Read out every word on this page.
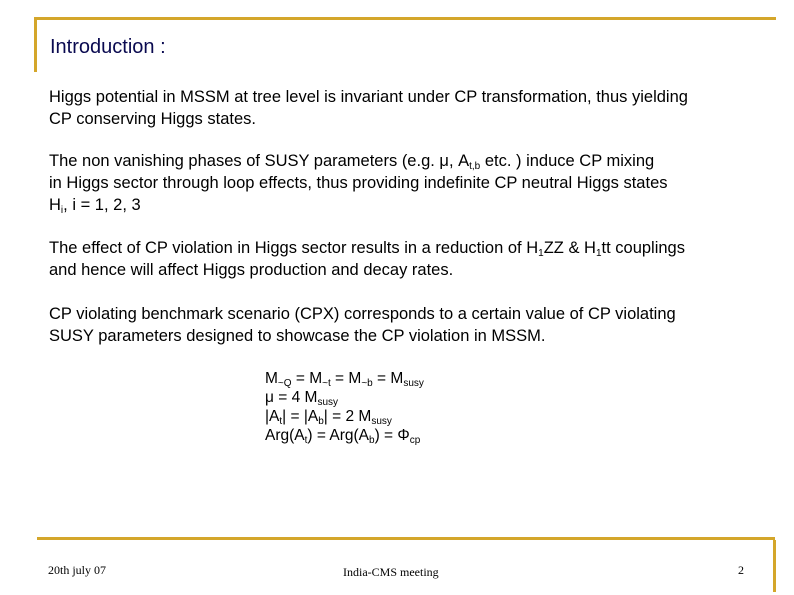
Introduction :
Higgs potential in MSSM at tree level is invariant under CP transformation, thus yielding
CP conserving Higgs states.
The non vanishing phases of SUSY parameters (e.g. μ, $A_{t,b}$ etc. ) induce CP mixing
in Higgs sector through loop effects, thus providing indefinite CP neutral Higgs states
$H_i$, i = 1, 2, 3
The effect of CP violation in Higgs sector results in a reduction of $H_1ZZ$ & $H_1tt$ couplings
and hence will affect Higgs production and decay rates.
CP violating benchmark scenario (CPX) corresponds to a certain value of CP violating
SUSY parameters designed to showcase the CP violation in MSSM.
$M_{\sim Q} = M_{\sim t} = M_{\sim b} = M_{susy}$
μ = 4 $M_{susy}$
$|A_t| = |A_b| = 2$ $M_{susy}$
$Arg(A_t) = Arg(A_b) = \Phi_{cp}$
20th july 07	India-CMS meeting	2
